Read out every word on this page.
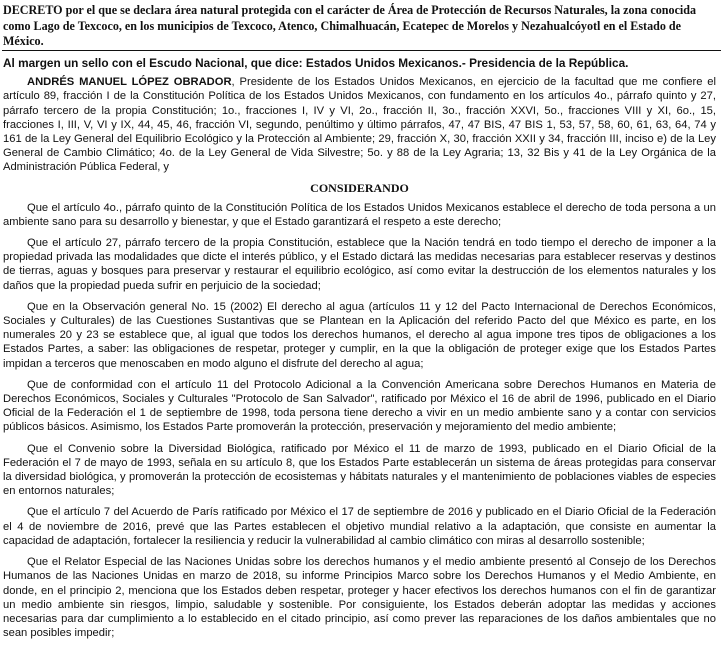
DECRETO por el que se declara área natural protegida con el carácter de Área de Protección de Recursos Naturales, la zona conocida como Lago de Texcoco, en los municipios de Texcoco, Atenco, Chimalhuacán, Ecatepec de Morelos y Nezahualcóyotl en el Estado de México.

Al margen un sello con el Escudo Nacional, que dice: Estados Unidos Mexicanos.- Presidencia de la República.

ANDRÉS MANUEL LÓPEZ OBRADOR, Presidente de los Estados Unidos Mexicanos, en ejercicio de la facultad que me confiere el artículo 89, fracción I de la Constitución Política de los Estados Unidos Mexicanos, con fundamento en los artículos 4o., párrafo quinto y 27, párrafo tercero de la propia Constitución; 1o., fracciones I, IV y VI, 2o., fracción II, 3o., fracción XXVI, 5o., fracciones VIII y XI, 6o., 15, fracciones I, III, V, VI y IX, 44, 45, 46, fracción VI, segundo, penúltimo y último párrafos, 47, 47 BIS, 47 BIS 1, 53, 57, 58, 60, 61, 63, 64, 74 y 161 de la Ley General del Equilibrio Ecológico y la Protección al Ambiente; 29, fracción X, 30, fracción XXII y 34, fracción III, inciso e) de la Ley General de Cambio Climático; 4o. de la Ley General de Vida Silvestre; 5o. y 88 de la Ley Agraria; 13, 32 Bis y 41 de la Ley Orgánica de la Administración Pública Federal, y

CONSIDERANDO

Que el artículo 4o., párrafo quinto de la Constitución Política de los Estados Unidos Mexicanos establece el derecho de toda persona a un ambiente sano para su desarrollo y bienestar, y que el Estado garantizará el respeto a este derecho;

Que el artículo 27, párrafo tercero de la propia Constitución, establece que la Nación tendrá en todo tiempo el derecho de imponer a la propiedad privada las modalidades que dicte el interés público, y el Estado dictará las medidas necesarias para establecer reservas y destinos de tierras, aguas y bosques para preservar y restaurar el equilibrio ecológico, así como evitar la destrucción de los elementos naturales y los daños que la propiedad pueda sufrir en perjuicio de la sociedad;

Que en la Observación general No. 15 (2002) El derecho al agua (artículos 11 y 12 del Pacto Internacional de Derechos Económicos, Sociales y Culturales) de las Cuestiones Sustantivas que se Plantean en la Aplicación del referido Pacto del que México es parte, en los numerales 20 y 23 se establece que, al igual que todos los derechos humanos, el derecho al agua impone tres tipos de obligaciones a los Estados Partes, a saber: las obligaciones de respetar, proteger y cumplir, en la que la obligación de proteger exige que los Estados Partes impidan a terceros que menoscaben en modo alguno el disfrute del derecho al agua;

Que de conformidad con el artículo 11 del Protocolo Adicional a la Convención Americana sobre Derechos Humanos en Materia de Derechos Económicos, Sociales y Culturales "Protocolo de San Salvador", ratificado por México el 16 de abril de 1996, publicado en el Diario Oficial de la Federación el 1 de septiembre de 1998, toda persona tiene derecho a vivir en un medio ambiente sano y a contar con servicios públicos básicos. Asimismo, los Estados Parte promoverán la protección, preservación y mejoramiento del medio ambiente;

Que el Convenio sobre la Diversidad Biológica, ratificado por México el 11 de marzo de 1993, publicado en el Diario Oficial de la Federación el 7 de mayo de 1993, señala en su artículo 8, que los Estados Parte establecerán un sistema de áreas protegidas para conservar la diversidad biológica, y promoverán la protección de ecosistemas y hábitats naturales y el mantenimiento de poblaciones viables de especies en entornos naturales;

Que el artículo 7 del Acuerdo de París ratificado por México el 17 de septiembre de 2016 y publicado en el Diario Oficial de la Federación el 4 de noviembre de 2016, prevé que las Partes establecen el objetivo mundial relativo a la adaptación, que consiste en aumentar la capacidad de adaptación, fortalecer la resiliencia y reducir la vulnerabilidad al cambio climático con miras al desarrollo sostenible;

Que el Relator Especial de las Naciones Unidas sobre los derechos humanos y el medio ambiente presentó al Consejo de los Derechos Humanos de las Naciones Unidas en marzo de 2018, su informe Principios Marco sobre los Derechos Humanos y el Medio Ambiente, en donde, en el principio 2, menciona que los Estados deben respetar, proteger y hacer efectivos los derechos humanos con el fin de garantizar un medio ambiente sin riesgos, limpio, saludable y sostenible. Por consiguiente, los Estados deberán adoptar las medidas y acciones necesarias para dar cumplimiento a lo establecido en el citado principio, así como prever las reparaciones de los daños ambientales que no sean posibles impedir;
